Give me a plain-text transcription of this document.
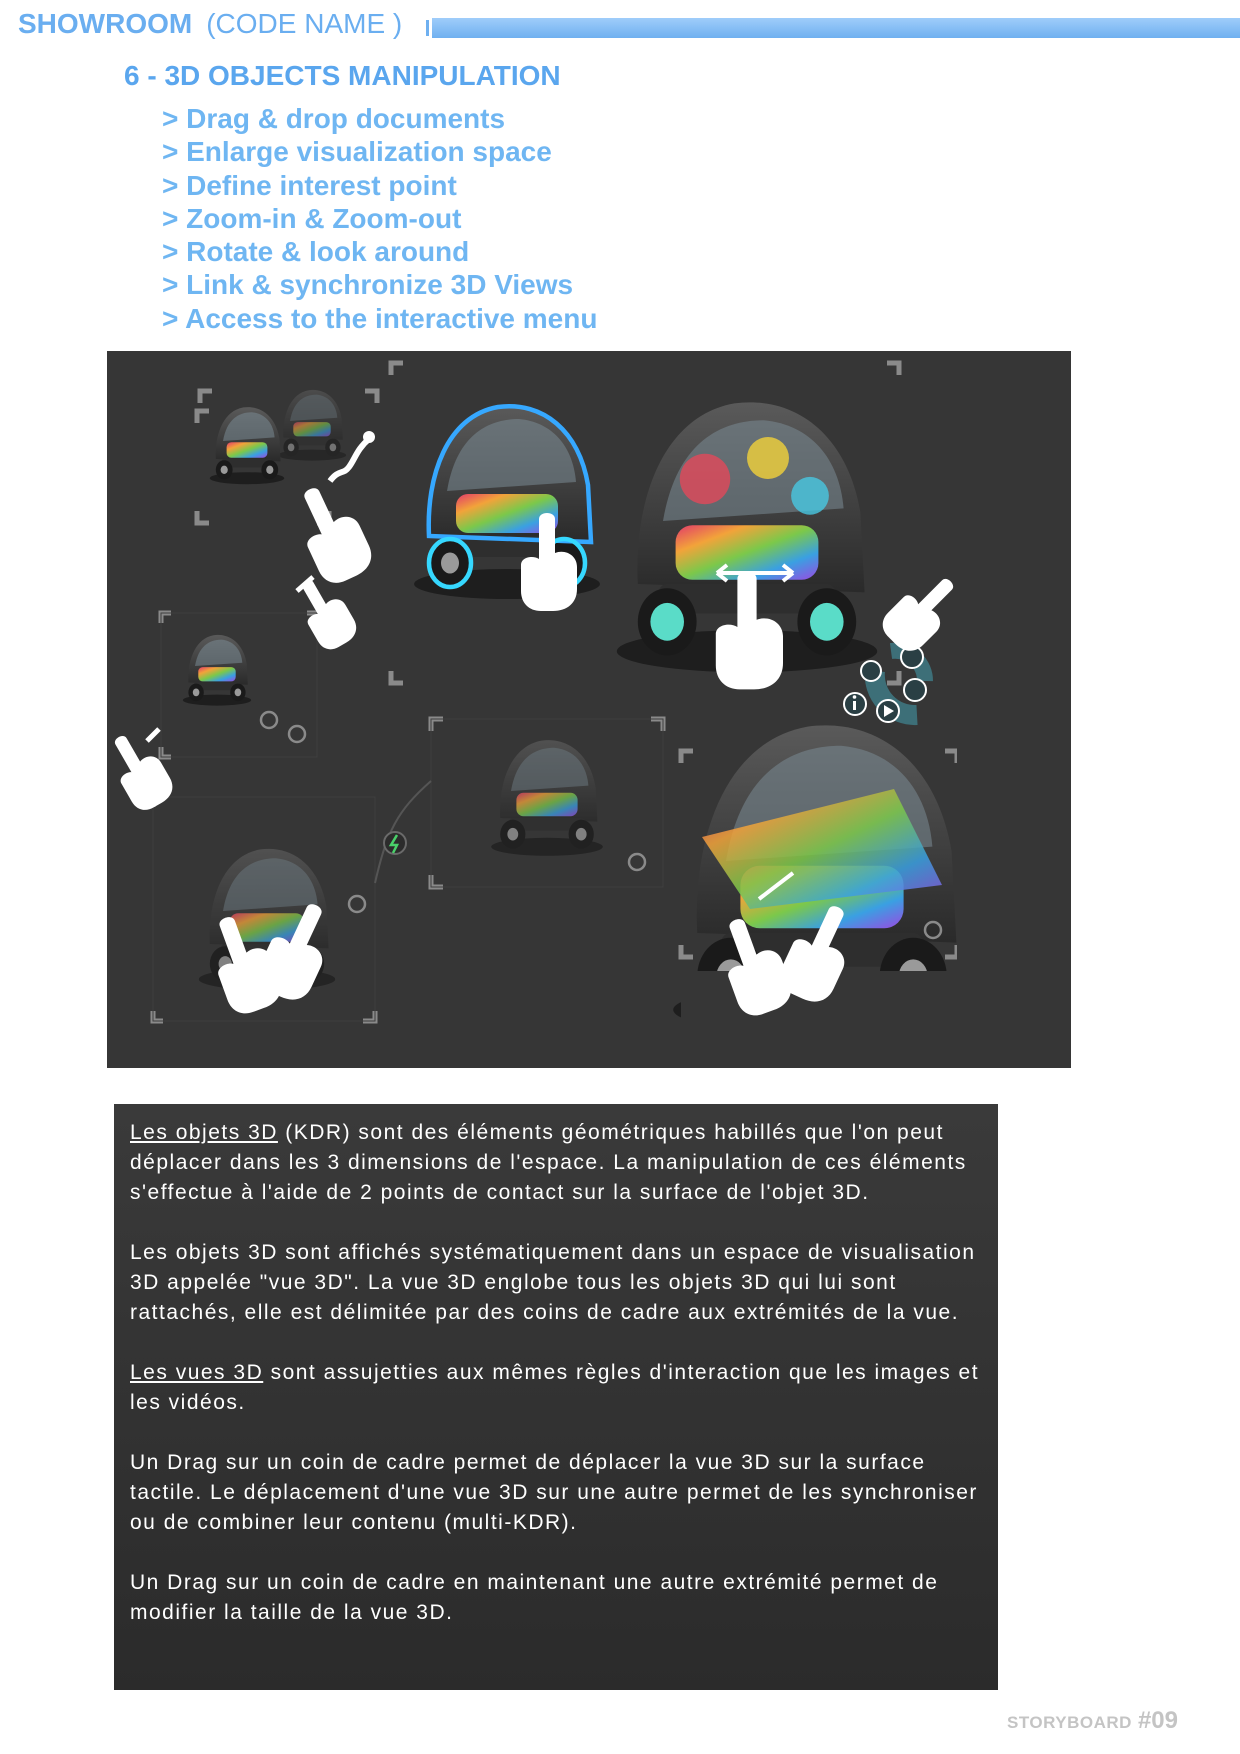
SHOWROOM (CODE NAME )
6 - 3D OBJECTS MANIPULATION
> Drag & drop documents
> Enlarge visualization space
> Define interest point
> Zoom-in & Zoom-out
> Rotate & look around
> Link & synchronize 3D Views
> Access to the interactive menu

Les objets 3D (KDR) sont des éléments géométriques habillés que l'on peut déplacer dans les 3 dimensions de l'espace. La manipulation de ces éléments s'effectue à l'aide de 2 points de contact sur la surface de l'objet 3D.

Les objets 3D sont affichés systématiquement dans un espace de visualisation 3D appelée "vue 3D". La vue 3D englobe tous les objets 3D qui lui sont rattachés, elle est délimitée par des coins de cadre aux extrémités de la vue.

Les vues 3D sont assujetties aux mêmes règles d'interaction que les images et les vidéos.

Un Drag sur un coin de cadre permet de déplacer la vue 3D sur la surface tactile. Le déplacement d'une vue 3D sur une autre permet de les synchroniser ou de combiner leur contenu (multi-KDR).

Un Drag sur un coin de cadre en maintenant une autre extrémité permet de modifier la taille de la vue 3D.

STORYBOARD #09
